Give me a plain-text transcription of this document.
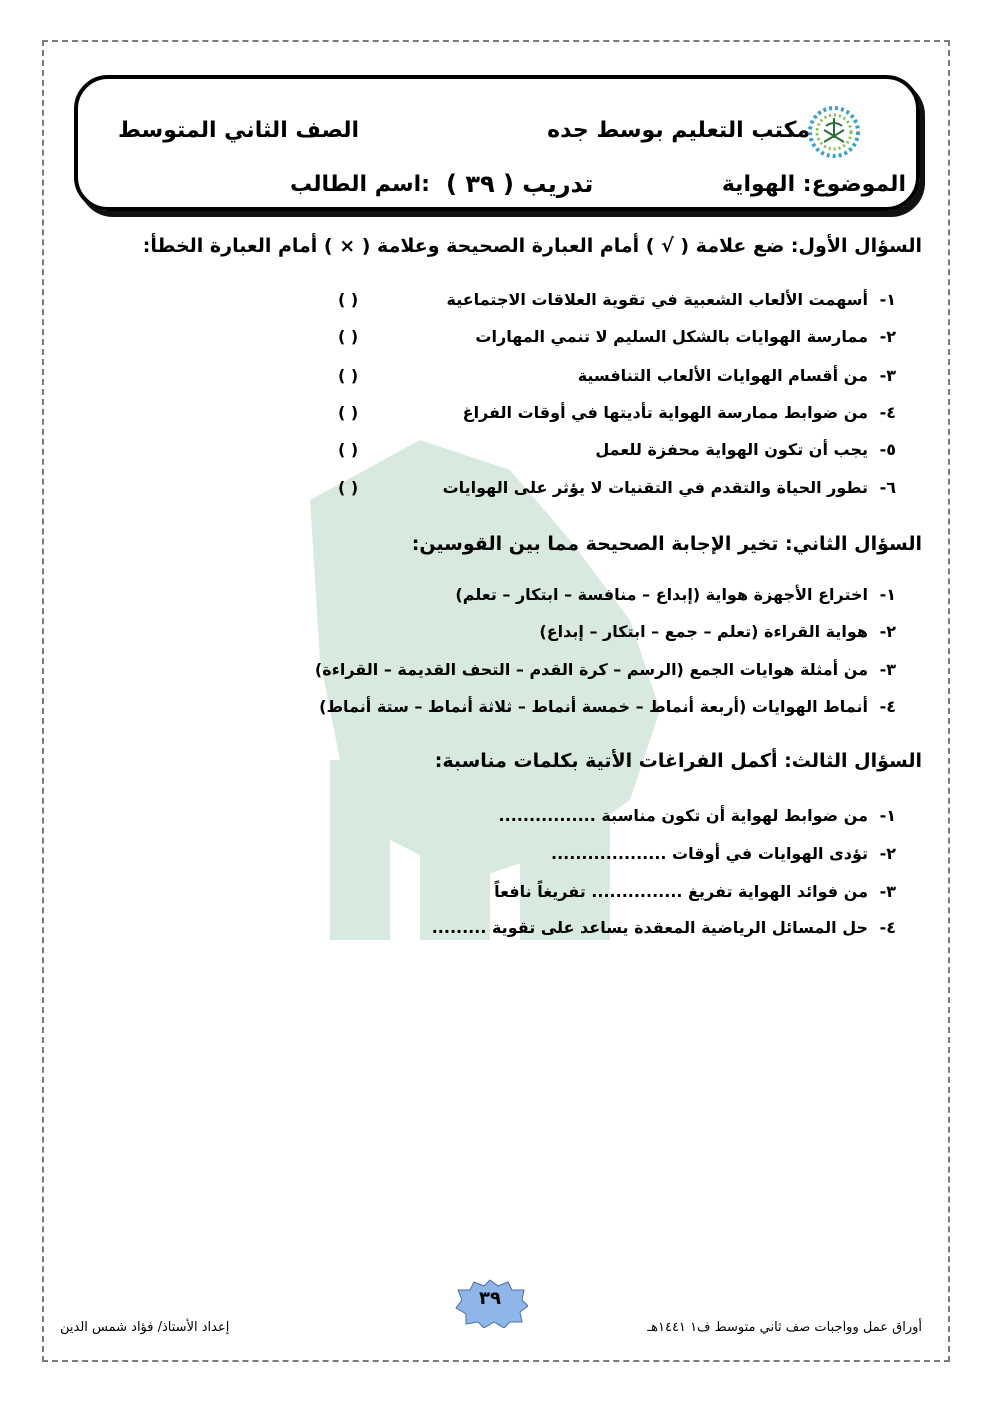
مكتب التعليم بوسط جده
الصف الثاني المتوسط
الموضوع: الهواية
تدريب ( ٣٩ )
اسم الطالب:
السؤال الأول: ضع علامة ( √ ) أمام العبارة الصحيحة وعلامة ( × ) أمام العبارة الخطأ:
١-أسهمت الألعاب الشعبية في تقوية العلاقات الاجتماعية
( )
٢-ممارسة الهوايات بالشكل السليم لا تنمي المهارات
( )
٣-من أقسام الهوايات الألعاب التنافسية
( )
٤-من ضوابط ممارسة الهواية تأديتها في أوقات الفراغ
( )
٥-يجب أن تكون الهواية محفزة للعمل
( )
٦-تطور الحياة والتقدم في التقنيات لا يؤثر على الهوايات
( )
السؤال الثاني: تخير الإجابة الصحيحة مما بين القوسين:
١-اختراع الأجهزة هواية (إبداع – منافسة – ابتكار – تعلم)
٢-هواية القراءة (تعلم – جمع – ابتكار – إبداع)
٣-من أمثلة هوايات الجمع (الرسم – كرة القدم – التحف القديمة – القراءة)
٤-أنماط الهوايات (أربعة أنماط – خمسة أنماط – ثلاثة أنماط – ستة أنماط)
السؤال الثالث: أكمل الفراغات الأتية بكلمات مناسبة:
١-من ضوابط لهواية أن تكون مناسبة ................
٢-تؤدى الهوايات في أوقات ...................
٣-من فوائد الهواية تفريغ ............... تفريغاً نافعاً
٤-حل المسائل الرياضية المعقدة يساعد على تقوية .........
٣٩
إعداد الأستاذ/ فؤاد شمس الدين	أوراق عمل وواجبات صف ثاني متوسط ف١ ١٤٤١هـ
